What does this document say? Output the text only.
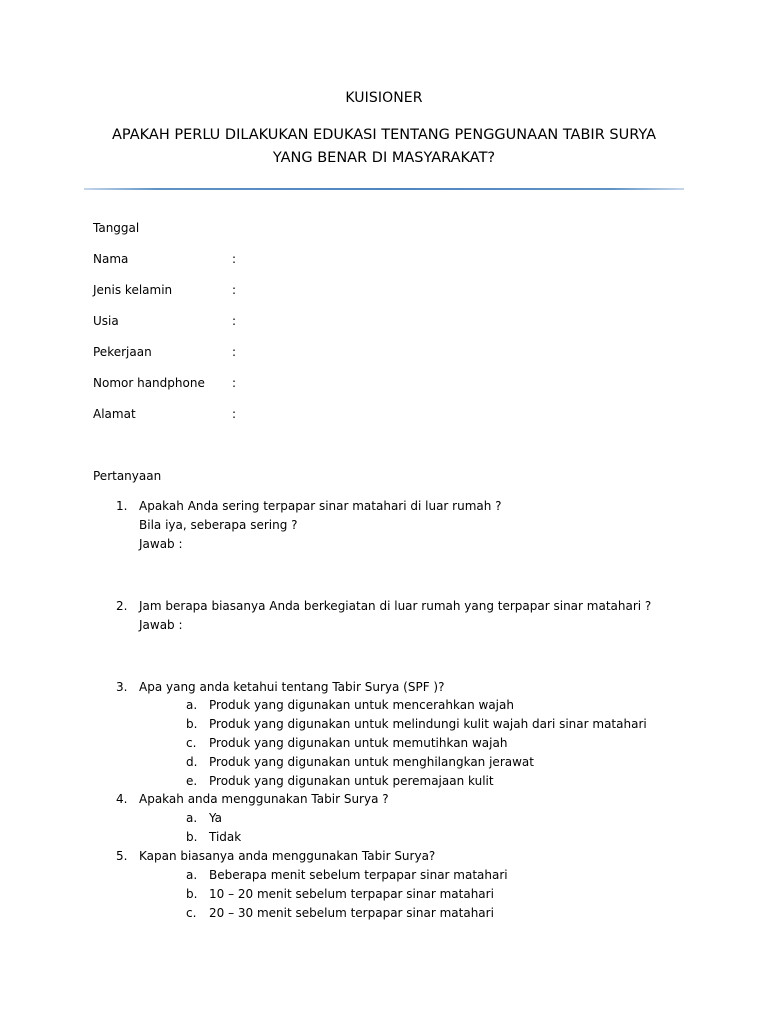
KUISIONER
APAKAH PERLU DILAKUKAN EDUKASI TENTANG PENGGUNAAN TABIR SURYA
YANG BENAR DI MASYARAKAT?
Tanggal
Nama	:
Jenis kelamin	:
Usia	:
Pekerjaan	:
Nomor handphone :
Alamat	:
Pertanyaan
1. Apakah Anda sering terpapar sinar matahari di luar rumah ?
Bila iya, seberapa sering ?
Jawab :
2. Jam berapa biasanya Anda berkegiatan di luar rumah yang terpapar sinar matahari ?
Jawab :
3. Apa yang anda ketahui tentang Tabir Surya (SPF )?
a. Produk yang digunakan untuk mencerahkan wajah
b. Produk yang digunakan untuk melindungi kulit wajah dari sinar matahari
c. Produk yang digunakan untuk memutihkan wajah
d. Produk yang digunakan untuk menghilangkan jerawat
e. Produk yang digunakan untuk peremajaan kulit
4. Apakah anda menggunakan Tabir Surya ?
a. Ya
b. Tidak
5. Kapan biasanya anda menggunakan Tabir Surya?
a. Beberapa menit sebelum terpapar sinar matahari
b. 10 – 20 menit sebelum terpapar sinar matahari
c. 20 – 30 menit sebelum terpapar sinar matahari
